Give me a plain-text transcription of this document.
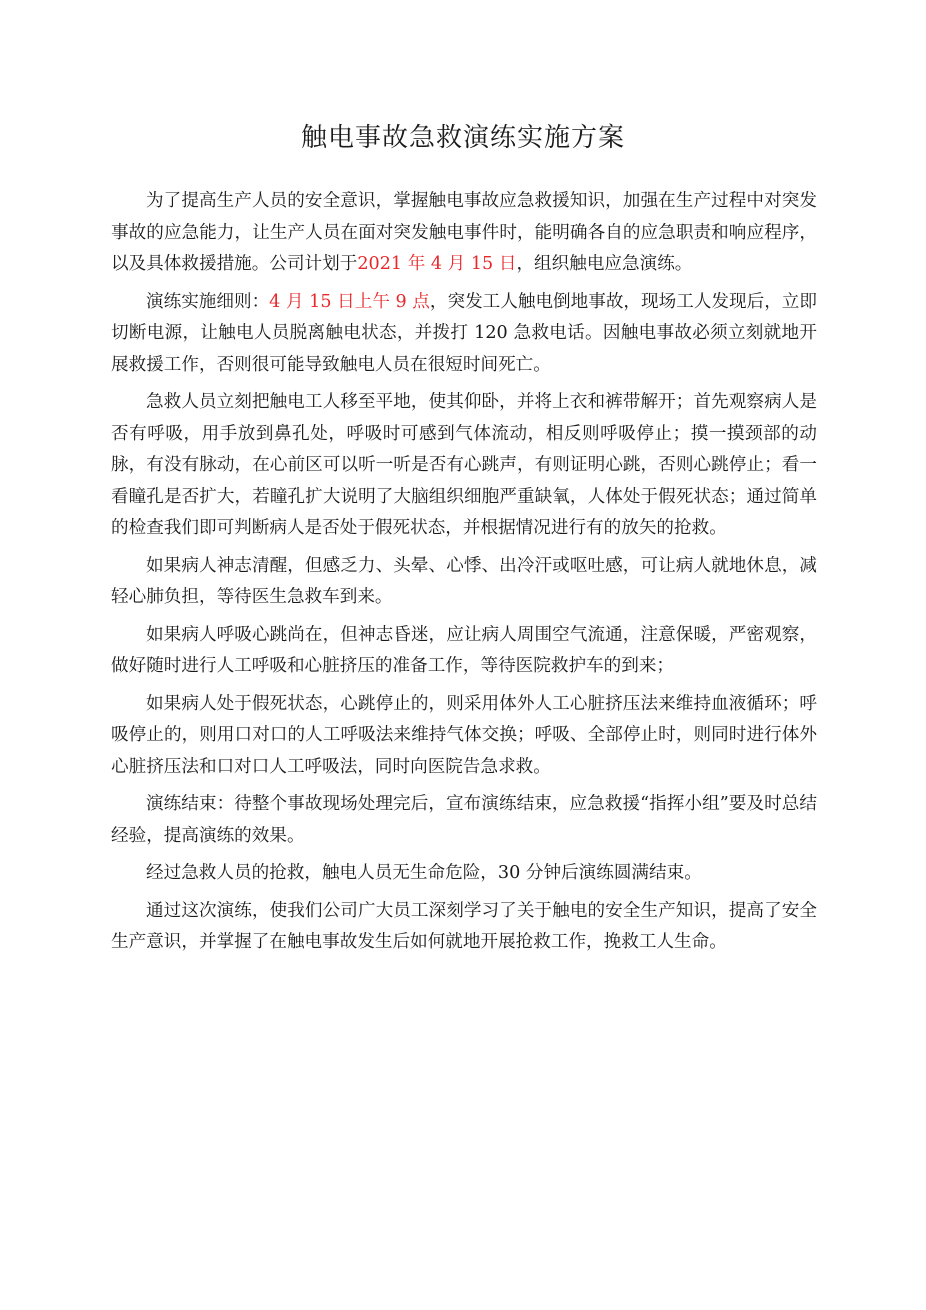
触电事故急救演练实施方案

为了提高生产人员的安全意识，掌握触电事故应急救援知识，加强在生产过程中对突发事故的应急能力，让生产人员在面对突发触电事件时，能明确各自的应急职责和响应程序，以及具体救援措施。公司计划于2021 年 4 月 15 日，组织触电应急演练。

演练实施细则：4 月 15 日上午 9 点，突发工人触电倒地事故，现场工人发现后，立即切断电源，让触电人员脱离触电状态，并拨打 120 急救电话。因触电事故必须立刻就地开展救援工作，否则很可能导致触电人员在很短时间死亡。

急救人员立刻把触电工人移至平地，使其仰卧，并将上衣和裤带解开；首先观察病人是否有呼吸，用手放到鼻孔处，呼吸时可感到气体流动，相反则呼吸停止；摸一摸颈部的动脉，有没有脉动，在心前区可以听一听是否有心跳声，有则证明心跳，否则心跳停止；看一看瞳孔是否扩大，若瞳孔扩大说明了大脑组织细胞严重缺氧，人体处于假死状态；通过简单的检查我们即可判断病人是否处于假死状态，并根据情况进行有的放矢的抢救。

如果病人神志清醒，但感乏力、头晕、心悸、出冷汗或呕吐感，可让病人就地休息，减轻心肺负担，等待医生急救车到来。

如果病人呼吸心跳尚在，但神志昏迷，应让病人周围空气流通，注意保暖，严密观察，做好随时进行人工呼吸和心脏挤压的准备工作，等待医院救护车的到来；

如果病人处于假死状态，心跳停止的，则采用体外人工心脏挤压法来维持血液循环；呼吸停止的，则用口对口的人工呼吸法来维持气体交换；呼吸、全部停止时，则同时进行体外心脏挤压法和口对口人工呼吸法，同时向医院告急求救。

演练结束：待整个事故现场处理完后，宣布演练结束，应急救援“指挥小组”要及时总结经验，提高演练的效果。

经过急救人员的抢救，触电人员无生命危险，30 分钟后演练圆满结束。

通过这次演练，使我们公司广大员工深刻学习了关于触电的安全生产知识，提高了安全生产意识，并掌握了在触电事故发生后如何就地开展抢救工作，挽救工人生命。
